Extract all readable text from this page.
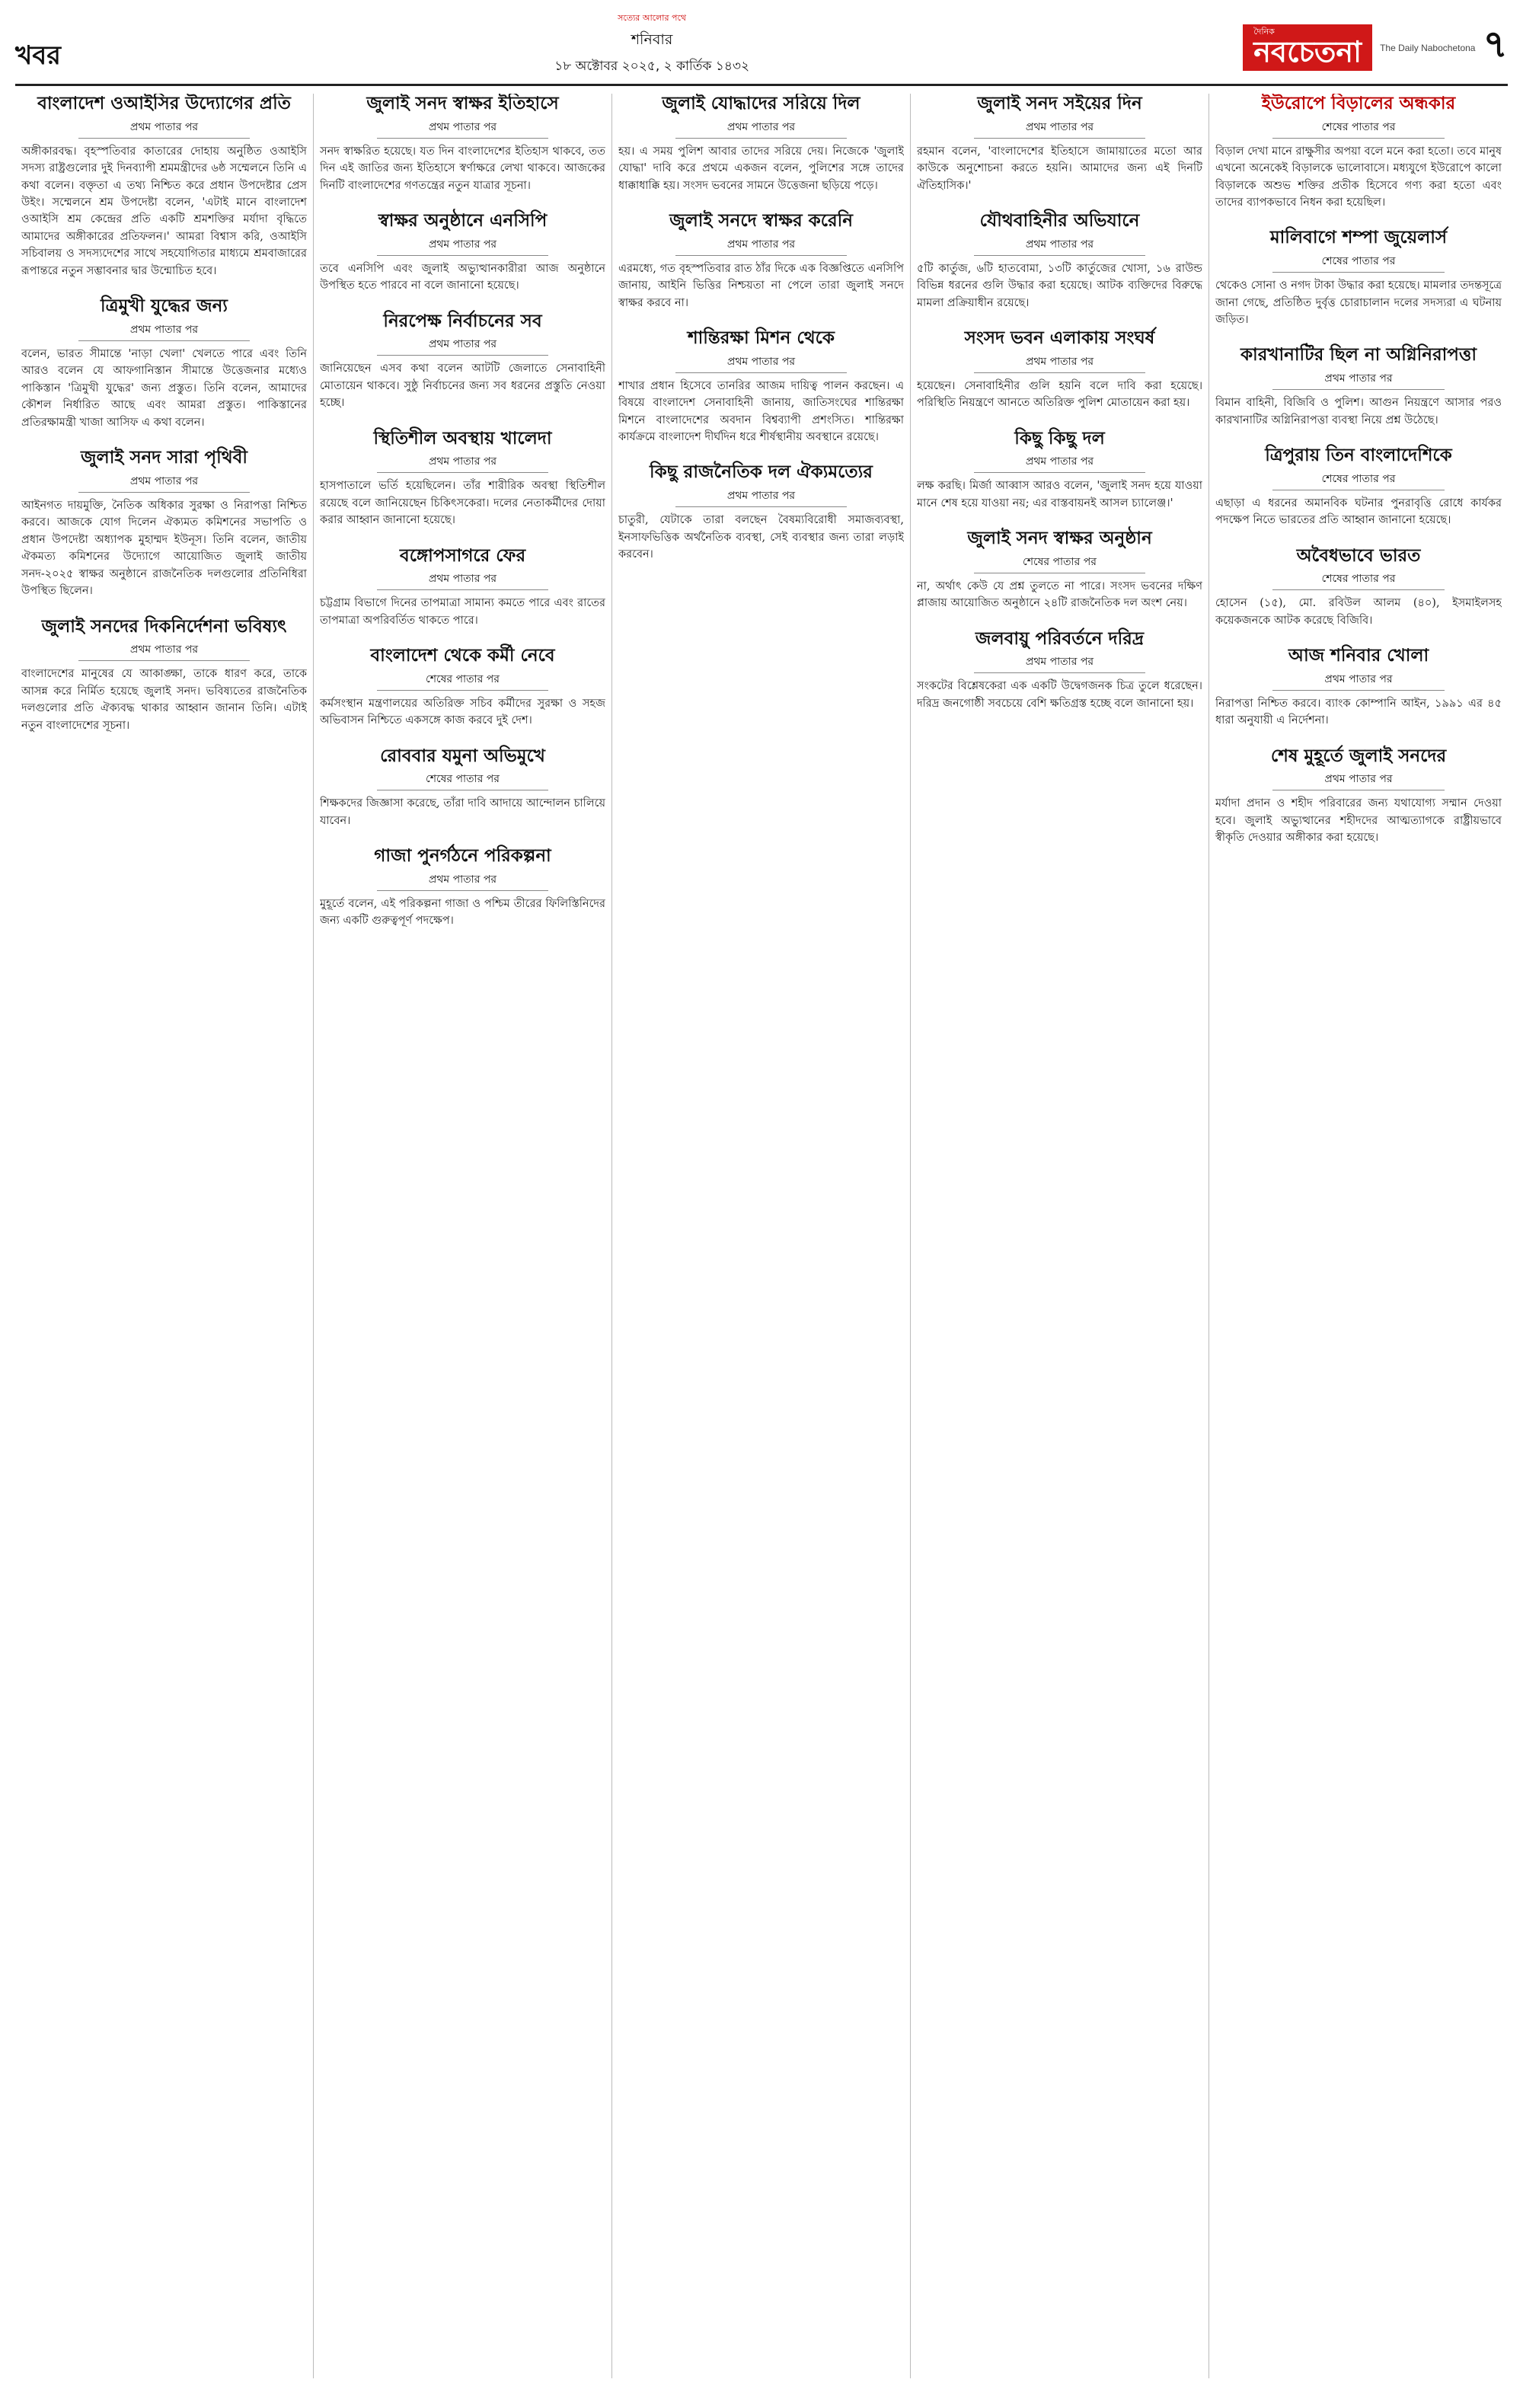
খবর
সত্যের আলোর পথে
শনিবার
১৮ অক্টোবর ২০২৫, ২ কার্তিক ১৪৩২
দৈনিক
নবচেতনা	The Daily Nabochetona ৭
বাংলাদেশ ওআইসির উদ্যোগের প্রতি
প্রথম পাতার পর
অঙ্গীকারবদ্ধ। বৃহস্পতিবার কাতারের দোহায় অনুষ্ঠিত ওআইসি সদস্য রাষ্ট্রগুলোর দুই দিনব্যাপী শ্রমমন্ত্রীদের ৬ষ্ঠ সম্মেলনে তিনি এ কথা বলেন। বক্তৃতা এ তথ্য নিশ্চিত করে প্রধান উপদেষ্টার প্রেস উইং। সম্মেলনে শ্রম উপদেষ্টা বলেন, 'এটাই মানে বাংলাদেশ ওআইসি শ্রম কেন্দ্রের প্রতি একটি শ্রমশক্তির মর্যাদা বৃদ্ধিতে আমাদের অঙ্গীকারের প্রতিফলন।' আমরা বিশ্বাস করি, ওআইসি সচিবালয় ও সদস্যদেশের সাথে সহযোগিতার মাধ্যমে শ্রমবাজারের রূপান্তরে নতুন সম্ভাবনার দ্বার উন্মোচিত হবে।
ত্রিমুখী যুদ্ধের জন্য
প্রথম পাতার পর
বলেন, ভারত সীমান্তে 'নাড়া খেলা' খেলতে পারে এবং তিনি আরও বলেন যে আফগানিস্তান সীমান্তে উত্তেজনার মধ্যেও পাকিস্তান 'ত্রিমুখী যুদ্ধের' জন্য প্রস্তুত। তিনি বলেন, আমাদের কৌশল নির্ধারিত আছে এবং আমরা প্রস্তুত। পাকিস্তানের প্রতিরক্ষামন্ত্রী খাজা আসিফ এ কথা বলেন।
জুলাই সনদ সারা পৃথিবী
প্রথম পাতার পর
আইনগত দায়মুক্তি, নৈতিক অধিকার সুরক্ষা ও নিরাপত্তা নিশ্চিত করবে। আজকে যোগ দিলেন ঐক্যমত কমিশনের সভাপতি ও প্রধান উপদেষ্টা অধ্যাপক মুহাম্মদ ইউনূস। তিনি বলেন, জাতীয় ঐকমত্য কমিশনের উদ্যোগে আয়োজিত জুলাই জাতীয় সনদ-২০২৫ স্বাক্ষর অনুষ্ঠানে রাজনৈতিক দলগুলোর প্রতিনিধিরা উপস্থিত ছিলেন।
জুলাই সনদের দিকনির্দেশনা ভবিষ্যৎ
প্রথম পাতার পর
বাংলাদেশের মানুষের যে আকাঙ্ক্ষা, তাকে ধারণ করে, তাকে আসন্ন করে নির্মিত হয়েছে জুলাই সনদ। ভবিষ্যতের রাজনৈতিক দলগুলোর প্রতি ঐক্যবদ্ধ থাকার আহ্বান জানান তিনি। এটাই নতুন বাংলাদেশের সূচনা।
জুলাই সনদ স্বাক্ষর ইতিহাসে
প্রথম পাতার পর
সনদ স্বাক্ষরিত হয়েছে। যত দিন বাংলাদেশের ইতিহাস থাকবে, তত দিন এই জাতির জন্য ইতিহাসে স্বর্ণাক্ষরে লেখা থাকবে। আজকের দিনটি বাংলাদেশের গণতন্ত্রের নতুন যাত্রার সূচনা।
স্বাক্ষর অনুষ্ঠানে এনসিপি
প্রথম পাতার পর
তবে এনসিপি এবং জুলাই অভ্যুত্থানকারীরা আজ অনুষ্ঠানে উপস্থিত হতে পারবে না বলে জানানো হয়েছে।
নিরপেক্ষ নির্বাচনের সব
প্রথম পাতার পর
জানিয়েছেন এসব কথা বলেন আটটি জেলাতে সেনাবাহিনী মোতায়েন থাকবে। সুষ্ঠু নির্বাচনের জন্য সব ধরনের প্রস্তুতি নেওয়া হচ্ছে।
স্থিতিশীল অবস্থায় খালেদা
প্রথম পাতার পর
হাসপাতালে ভর্তি হয়েছিলেন। তাঁর শারীরিক অবস্থা স্থিতিশীল রয়েছে বলে জানিয়েছেন চিকিৎসকেরা। দলের নেতাকর্মীদের দোয়া করার আহ্বান জানানো হয়েছে।
বঙ্গোপসাগরে ফের
প্রথম পাতার পর
চট্টগ্রাম বিভাগে দিনের তাপমাত্রা সামান্য কমতে পারে এবং রাতের তাপমাত্রা অপরিবর্তিত থাকতে পারে।
বাংলাদেশ থেকে কর্মী নেবে
শেষের পাতার পর
কর্মসংস্থান মন্ত্রণালয়ের অতিরিক্ত সচিব কর্মীদের সুরক্ষা ও সহজ অভিবাসন নিশ্চিতে একসঙ্গে কাজ করবে দুই দেশ।
রোববার যমুনা অভিমুখে
শেষের পাতার পর
শিক্ষকদের জিজ্ঞাসা করেছে, তাঁরা দাবি আদায়ে আন্দোলন চালিয়ে যাবেন।
গাজা পুনর্গঠনে পরিকল্পনা
প্রথম পাতার পর
মুহূর্তে বলেন, এই পরিকল্পনা গাজা ও পশ্চিম তীরের ফিলিস্তিনিদের জন্য একটি গুরুত্বপূর্ণ পদক্ষেপ।
জুলাই যোদ্ধাদের সরিয়ে দিল
প্রথম পাতার পর
হয়। এ সময় পুলিশ আবার তাদের সরিয়ে দেয়। নিজেকে 'জুলাই যোদ্ধা' দাবি করে প্রথমে একজন বলেন, পুলিশের সঙ্গে তাদের ধাক্কাধাক্কি হয়। সংসদ ভবনের সামনে উত্তেজনা ছড়িয়ে পড়ে।
জুলাই সনদে স্বাক্ষর করেনি
প্রথম পাতার পর
এরমধ্যে, গত বৃহস্পতিবার রাত ঠাঁর দিকে এক বিজ্ঞপ্তিতে এনসিপি জানায়, আইনি ভিত্তির নিশ্চয়তা না পেলে তারা জুলাই সনদে স্বাক্ষর করবে না।
শান্তিরক্ষা মিশন থেকে
প্রথম পাতার পর
শাখার প্রধান হিসেবে তানরির আজম দায়িত্ব পালন করছেন। এ বিষয়ে বাংলাদেশ সেনাবাহিনী জানায়, জাতিসংঘের শান্তিরক্ষা মিশনে বাংলাদেশের অবদান বিশ্বব্যাপী প্রশংসিত। শান্তিরক্ষা কার্যক্রমে বাংলাদেশ দীর্ঘদিন ধরে শীর্ষস্থানীয় অবস্থানে রয়েছে।
কিছু রাজনৈতিক দল ঐক্যমত্যের
প্রথম পাতার পর
চাতুরী, যেটাকে তারা বলছেন বৈষম্যবিরোধী সমাজব্যবস্থা, ইনসাফভিত্তিক অর্থনৈতিক ব্যবস্থা, সেই ব্যবস্থার জন্য তারা লড়াই করবেন।
জুলাই সনদ সইয়ের দিন
প্রথম পাতার পর
রহমান বলেন, 'বাংলাদেশের ইতিহাসে জামায়াতের মতো আর কাউকে অনুশোচনা করতে হয়নি। আমাদের জন্য এই দিনটি ঐতিহাসিক।'
যৌথবাহিনীর অভিযানে
প্রথম পাতার পর
৫টি কার্তুজ, ৬টি হাতবোমা, ১৩টি কার্তুজের খোসা, ১৬ রাউন্ড বিভিন্ন ধরনের গুলি উদ্ধার করা হয়েছে। আটক ব্যক্তিদের বিরুদ্ধে মামলা প্রক্রিয়াধীন রয়েছে।
সংসদ ভবন এলাকায় সংঘর্ষ
প্রথম পাতার পর
হয়েছেন। সেনাবাহিনীর গুলি হয়নি বলে দাবি করা হয়েছে। পরিস্থিতি নিয়ন্ত্রণে আনতে অতিরিক্ত পুলিশ মোতায়েন করা হয়।
কিছু কিছু দল
প্রথম পাতার পর
লক্ষ করছি। মির্জা আব্বাস আরও বলেন, 'জুলাই সনদ হয়ে যাওয়া মানে শেষ হয়ে যাওয়া নয়; এর বাস্তবায়নই আসল চ্যালেঞ্জ।'
জুলাই সনদ স্বাক্ষর অনুষ্ঠান
শেষের পাতার পর
না, অর্থাৎ কেউ যে প্রশ্ন তুলতে না পারে। সংসদ ভবনের দক্ষিণ প্লাজায় আয়োজিত অনুষ্ঠানে ২৪টি রাজনৈতিক দল অংশ নেয়।
জলবায়ু পরিবর্তনে দরিদ্র
প্রথম পাতার পর
সংকটের বিশ্লেষকেরা এক একটি উদ্বেগজনক চিত্র তুলে ধরেছেন। দরিদ্র জনগোষ্ঠী সবচেয়ে বেশি ক্ষতিগ্রস্ত হচ্ছে বলে জানানো হয়।
ইউরোপে বিড়ালের অন্ধকার
শেষের পাতার পর
বিড়াল দেখা মানে রাক্ষুসীর অপয়া বলে মনে করা হতো। তবে মানুষ এখনো অনেকেই বিড়ালকে ভালোবাসে। মধ্যযুগে ইউরোপে কালো বিড়ালকে অশুভ শক্তির প্রতীক হিসেবে গণ্য করা হতো এবং তাদের ব্যাপকভাবে নিধন করা হয়েছিল।
মালিবাগে শম্পা জুয়েলার্স
শেষের পাতার পর
থেকেও সোনা ও নগদ টাকা উদ্ধার করা হয়েছে। মামলার তদন্তসূত্রে জানা গেছে, প্রতিষ্ঠিত দুর্বৃত্ত চোরাচালান দলের সদস্যরা এ ঘটনায় জড়িত।
কারখানাটির ছিল না অগ্নিনিরাপত্তা
প্রথম পাতার পর
বিমান বাহিনী, বিজিবি ও পুলিশ। আগুন নিয়ন্ত্রণে আসার পরও কারখানাটির অগ্নিনিরাপত্তা ব্যবস্থা নিয়ে প্রশ্ন উঠেছে।
ত্রিপুরায় তিন বাংলাদেশিকে
শেষের পাতার পর
এছাড়া এ ধরনের অমানবিক ঘটনার পুনরাবৃত্তি রোধে কার্যকর পদক্ষেপ নিতে ভারতের প্রতি আহ্বান জানানো হয়েছে।
অবৈধভাবে ভারত
শেষের পাতার পর
হোসেন (১৫), মো. রবিউল আলম (৪০), ইসমাইলসহ কয়েকজনকে আটক করেছে বিজিবি।
আজ শনিবার খোলা
প্রথম পাতার পর
নিরাপত্তা নিশ্চিত করবে। ব্যাংক কোম্পানি আইন, ১৯৯১ এর ৪৫ ধারা অনুযায়ী এ নির্দেশনা।
শেষ মুহূর্তে জুলাই সনদের
প্রথম পাতার পর
মর্যাদা প্রদান ও শহীদ পরিবারের জন্য যথাযোগ্য সম্মান দেওয়া হবে। জুলাই অভ্যুত্থানের শহীদদের আত্মত্যাগকে রাষ্ট্রীয়ভাবে স্বীকৃতি দেওয়ার অঙ্গীকার করা হয়েছে।
